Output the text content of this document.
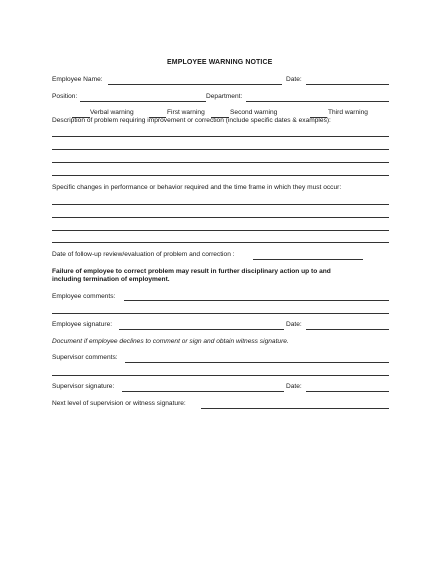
EMPLOYEE WARNING NOTICE
Employee Name:	Date:
Position:	Department:
Verbal warning	First warning	Second warning	Third warning
Description of problem requiring improvement or correction (include specific dates & examples):
Specific changes in performance or behavior required and the time frame in which they must occur:
Date of follow-up review/evaluation of problem and correction :
Failure of employee to correct problem may result in further disciplinary action up to and
including termination of employment.
Employee comments:
Employee signature:	Date:
Document if employee declines to comment or sign and obtain witness signature.
Supervisor comments:
Supervisor signature:	Date:
Next level of supervision or witness signature:
